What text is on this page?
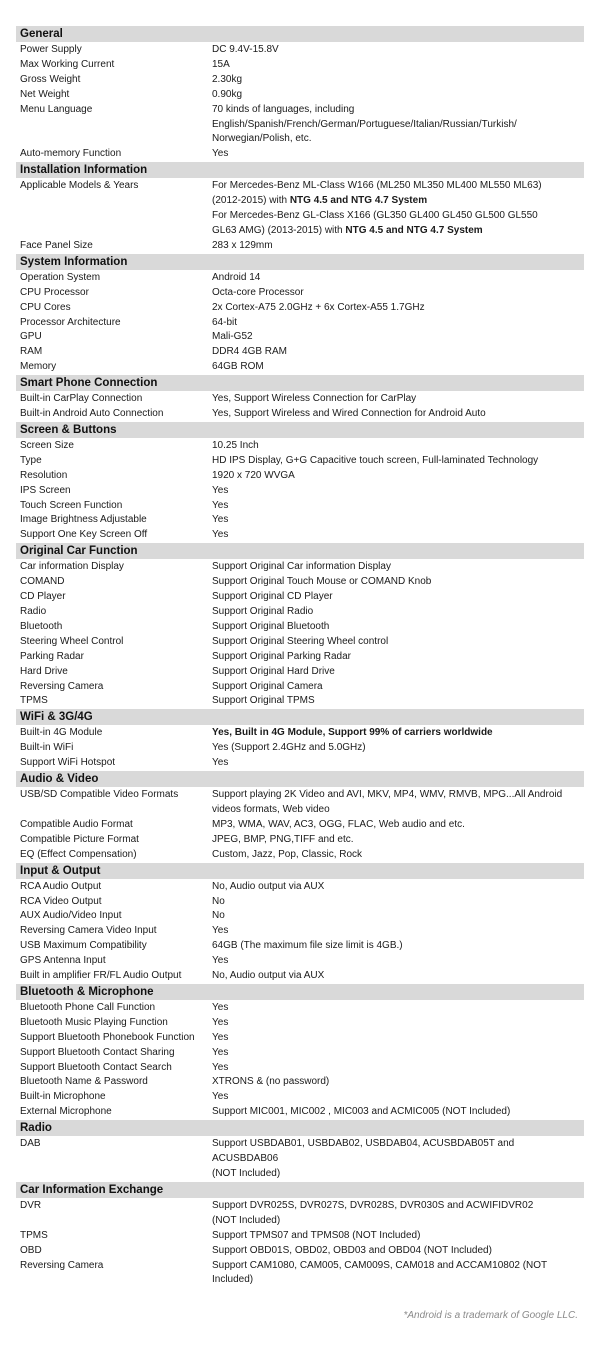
General
Power Supply	DC 9.4V-15.8V
Max Working Current	15A
Gross Weight	2.30kg
Net Weight	0.90kg
Menu Language	70 kinds of languages, including
English/Spanish/French/German/Portuguese/Italian/Russian/Turkish/
Norwegian/Polish, etc.
Auto-memory Function	Yes
Installation Information
Applicable Models & Years	For Mercedes-Benz ML-Class W166 (ML250 ML350 ML400 ML550 ML63)
(2012-2015) with NTG 4.5 and NTG 4.7 System
For Mercedes-Benz GL-Class X166 (GL350 GL400 GL450 GL500 GL550
GL63 AMG) (2013-2015) with NTG 4.5 and NTG 4.7 System
Face Panel Size	283 x 129mm
System Information
Operation System	Android 14
CPU Processor	Octa-core Processor
CPU Cores	2x Cortex-A75 2.0GHz + 6x Cortex-A55 1.7GHz
Processor Architecture	64-bit
GPU	Mali-G52
RAM	DDR4 4GB RAM
Memory	64GB ROM
Smart Phone Connection
Built-in CarPlay Connection	Yes, Support Wireless Connection for CarPlay
Built-in Android Auto Connection	Yes, Support Wireless and Wired Connection for Android Auto
Screen & Buttons
Screen Size	10.25 Inch
Type	HD IPS Display, G+G Capacitive touch screen, Full-laminated Technology
Resolution	1920 x 720 WVGA
IPS Screen	Yes
Touch Screen Function	Yes
Image Brightness Adjustable	Yes
Support One Key Screen Off	Yes
Original Car Function
Car information Display	Support Original Car information Display
COMAND	Support Original Touch Mouse or COMAND Knob
CD Player	Support Original CD Player
Radio	Support Original Radio
Bluetooth	Support Original Bluetooth
Steering Wheel Control	Support Original Steering Wheel control
Parking Radar	Support Original Parking Radar
Hard Drive	Support Original Hard Drive
Reversing Camera	Support Original Camera
TPMS	Support Original TPMS
WiFi & 3G/4G
Built-in 4G Module	Yes, Built in 4G Module, Support 99% of carriers worldwide
Built-in WiFi	Yes (Support 2.4GHz and 5.0GHz)
Support WiFi Hotspot	Yes
Audio & Video
USB/SD Compatible Video Formats	Support playing 2K Video and AVI, MKV, MP4, WMV, RMVB, MPG...All Android
videos formats, Web video
Compatible Audio Format	MP3, WMA, WAV, AC3, OGG, FLAC, Web audio and etc.
Compatible Picture Format	JPEG, BMP, PNG,TIFF and etc.
EQ (Effect Compensation)	Custom, Jazz, Pop, Classic, Rock
Input & Output
RCA Audio Output	No, Audio output via AUX
RCA Video Output	No
AUX Audio/Video Input	No
Reversing Camera Video Input	Yes
USB Maximum Compatibility	64GB (The maximum file size limit is 4GB.)
GPS Antenna Input	Yes
Built in amplifier FR/FL Audio Output	No, Audio output via AUX
Bluetooth & Microphone
Bluetooth Phone Call Function	Yes
Bluetooth Music Playing Function	Yes
Support Bluetooth Phonebook Function	Yes
Support Bluetooth Contact Sharing	Yes
Support Bluetooth Contact Search	Yes
Bluetooth Name & Password	XTRONS & (no password)
Built-in Microphone	Yes
External Microphone	Support MIC001, MIC002 , MIC003 and ACMIC005 (NOT Included)
Radio
DAB	Support USBDAB01, USBDAB02, USBDAB04, ACUSBDAB05T and ACUSBDAB06
(NOT Included)
Car Information Exchange
DVR	Support DVR025S, DVR027S, DVR028S, DVR030S and ACWIFIDVR02
(NOT Included)
TPMS	Support TPMS07 and TPMS08 (NOT Included)
OBD	Support OBD01S, OBD02, OBD03 and OBD04 (NOT Included)
Reversing Camera	Support CAM1080, CAM005, CAM009S, CAM018 and ACCAM10802 (NOT
Included)
*Android is a trademark of Google LLC.
